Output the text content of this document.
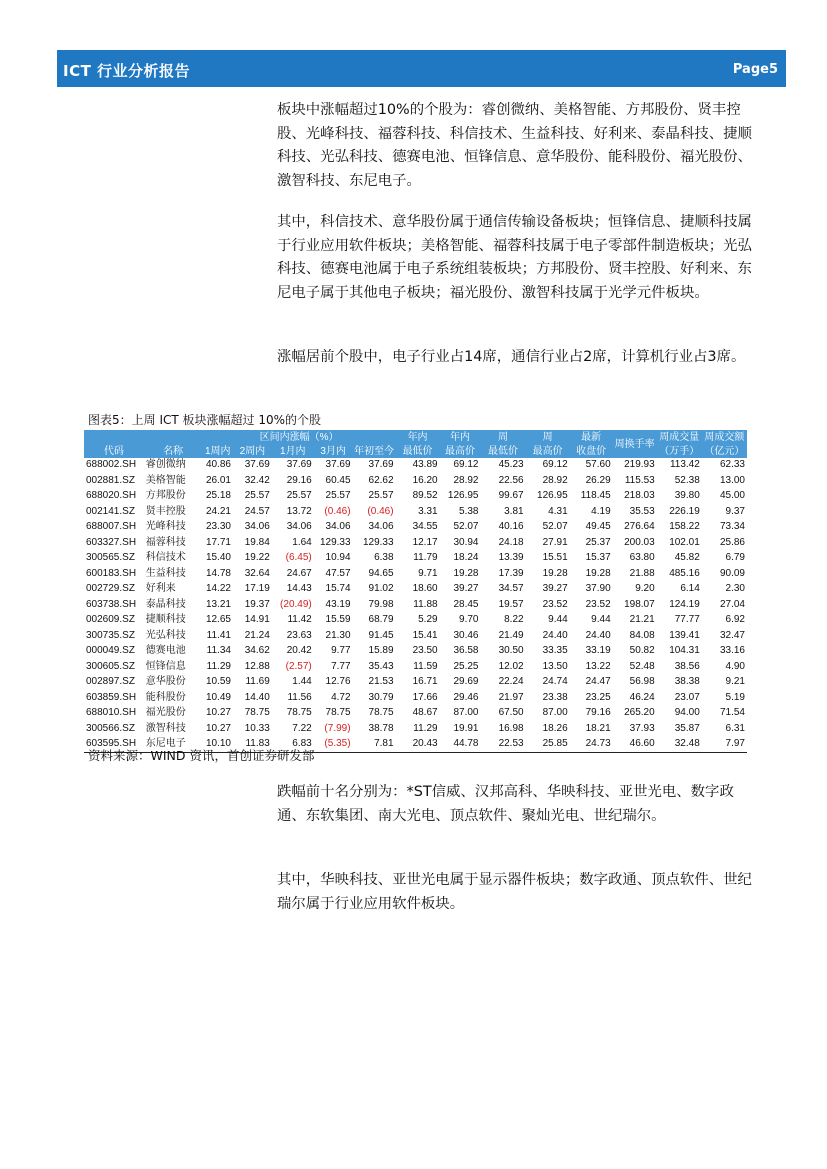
ICT 行业分析报告	Page5
板块中涨幅超过10%的个股为：睿创微纳、美格智能、方邦股份、贤丰控股、光峰科技、福蓉科技、科信技术、生益科技、好利来、泰晶科技、捷顺科技、光弘科技、德赛电池、恒锋信息、意华股份、能科股份、福光股份、激智科技、东尼电子。
其中，科信技术、意华股份属于通信传输设备板块；恒锋信息、捷顺科技属于行业应用软件板块；美格智能、福蓉科技属于电子零部件制造板块；光弘科技、德赛电池属于电子系统组装板块；方邦股份、贤丰控股、好利来、东尼电子属于其他电子板块；福光股份、激智科技属于光学元件板块。
涨幅居前个股中，电子行业占14席，通信行业占2席，计算机行业占3席。
图表5：上周 ICT 板块涨幅超过 10%的个股
		区间内涨幅（%）					年内	年内	周	周	最新	周换手率	周成交量	周成交额
代码	名称	1周内	2周内	1月内	3月内	年初至今	最低价	最高价	最低价	最高价	收盘价		（万手）	（亿元）
688002.SH	睿创微纳	40.86	37.69	37.69	37.69	37.69	43.89	69.12	45.23	69.12	57.60	219.93	113.42	62.33
002881.SZ	美格智能	26.01	32.42	29.16	60.45	62.62	16.20	28.92	22.56	28.92	26.29	115.53	52.38	13.00
688020.SH	方邦股份	25.18	25.57	25.57	25.57	25.57	89.52	126.95	99.67	126.95	118.45	218.03	39.80	45.00
002141.SZ	贤丰控股	24.21	24.57	13.72	(0.46)	(0.46)	3.31	5.38	3.81	4.31	4.19	35.53	226.19	9.37
688007.SH	光峰科技	23.30	34.06	34.06	34.06	34.06	34.55	52.07	40.16	52.07	49.45	276.64	158.22	73.34
603327.SH	福蓉科技	17.71	19.84	1.64	129.33	129.33	12.17	30.94	24.18	27.91	25.37	200.03	102.01	25.86
300565.SZ	科信技术	15.40	19.22	(6.45)	10.94	6.38	11.79	18.24	13.39	15.51	15.37	63.80	45.82	6.79
600183.SH	生益科技	14.78	32.64	24.67	47.57	94.65	9.71	19.28	17.39	19.28	19.28	21.88	485.16	90.09
002729.SZ	好利来	14.22	17.19	14.43	15.74	91.02	18.60	39.27	34.57	39.27	37.90	9.20	6.14	2.30
603738.SH	泰晶科技	13.21	19.37	(20.49)	43.19	79.98	11.88	28.45	19.57	23.52	23.52	198.07	124.19	27.04
002609.SZ	捷顺科技	12.65	14.91	11.42	15.59	68.79	5.29	9.70	8.22	9.44	9.44	21.21	77.77	6.92
300735.SZ	光弘科技	11.41	21.24	23.63	21.30	91.45	15.41	30.46	21.49	24.40	24.40	84.08	139.41	32.47
000049.SZ	德赛电池	11.34	34.62	20.42	9.77	15.89	23.50	36.58	30.50	33.35	33.19	50.82	104.31	33.16
300605.SZ	恒锋信息	11.29	12.88	(2.57)	7.77	35.43	11.59	25.25	12.02	13.50	13.22	52.48	38.56	4.90
002897.SZ	意华股份	10.59	11.69	1.44	12.76	21.53	16.71	29.69	22.24	24.74	24.47	56.98	38.38	9.21
603859.SH	能科股份	10.49	14.40	11.56	4.72	30.79	17.66	29.46	21.97	23.38	23.25	46.24	23.07	5.19
688010.SH	福光股份	10.27	78.75	78.75	78.75	78.75	48.67	87.00	67.50	87.00	79.16	265.20	94.00	71.54
300566.SZ	激智科技	10.27	10.33	7.22	(7.99)	38.78	11.29	19.91	16.98	18.26	18.21	37.93	35.87	6.31
603595.SH	东尼电子	10.10	11.83	6.83	(5.35)	7.81	20.43	44.78	22.53	25.85	24.73	46.60	32.48	7.97
资料来源：WIND 资讯，首创证券研发部
跌幅前十名分别为：*ST信威、汉邦高科、华映科技、亚世光电、数字政通、东软集团、南大光电、顶点软件、聚灿光电、世纪瑞尔。
其中，华映科技、亚世光电属于显示器件板块；数字政通、顶点软件、世纪瑞尔属于行业应用软件板块。
